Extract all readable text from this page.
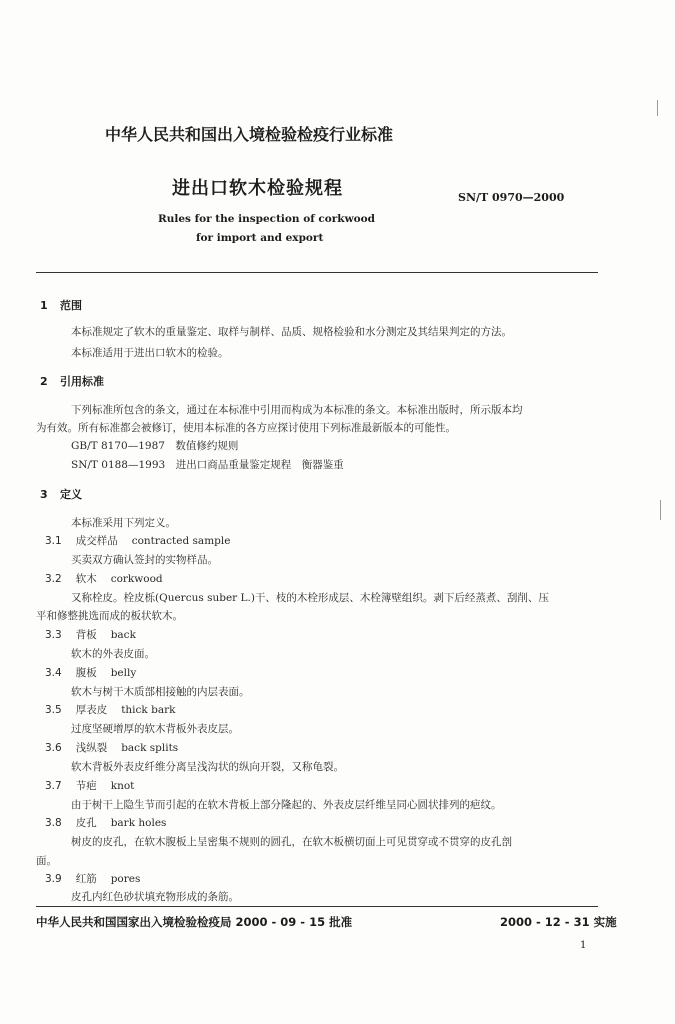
中华人民共和国出入境检验检疫行业标准
进出口软木检验规程	SN/T 0970—2000
Rules for the inspection of corkwood
for import and export
1 范围
本标准规定了软木的重量鉴定、取样与制样、品质、规格检验和水分测定及其结果判定的方法。
本标准适用于进出口软木的检验。
2 引用标准
下列标准所包含的条文，通过在本标准中引用而构成为本标准的条文。本标准出版时，所示版本均
为有效。所有标准都会被修订，使用本标准的各方应探讨使用下列标准最新版本的可能性。
GB/T 8170—1987　数值修约规则
SN/T 0188—1993　进出口商品重量鉴定规程　衡器鉴重
3 定义
本标准采用下列定义。
3.1 成交样品 contracted sample
买卖双方确认签封的实物样品。
3.2 软木 corkwood
又称栓皮。栓皮栎(Quercus suber L.)干、枝的木栓形成层、木栓簿壁组织。剥下后经蒸煮、刮削、压
平和修整挑选而成的板状软木。
3.3 背板 back
软木的外表皮面。
3.4 腹板 belly
软木与树干木质部相接触的内层表面。
3.5 厚表皮 thick bark
过度坚硬增厚的软木背板外表皮层。
3.6 浅纵裂 back splits
软木背板外表皮纤维分离呈浅沟状的纵向开裂，又称龟裂。
3.7 节疤 knot
由于树干上隐生节而引起的在软木背板上部分隆起的、外表皮层纤维呈同心圆状排列的疤纹。
3.8 皮孔 bark holes
树皮的皮孔，在软木腹板上呈密集不规则的圆孔，在软木板横切面上可见贯穿或不贯穿的皮孔剖
面。
3.9 红筋 pores
皮孔内红色砂状填充物形成的条筋。
中华人民共和国国家出入境检验检疫局 2000 - 09 - 15 批准	2000 - 12 - 31 实施
1
